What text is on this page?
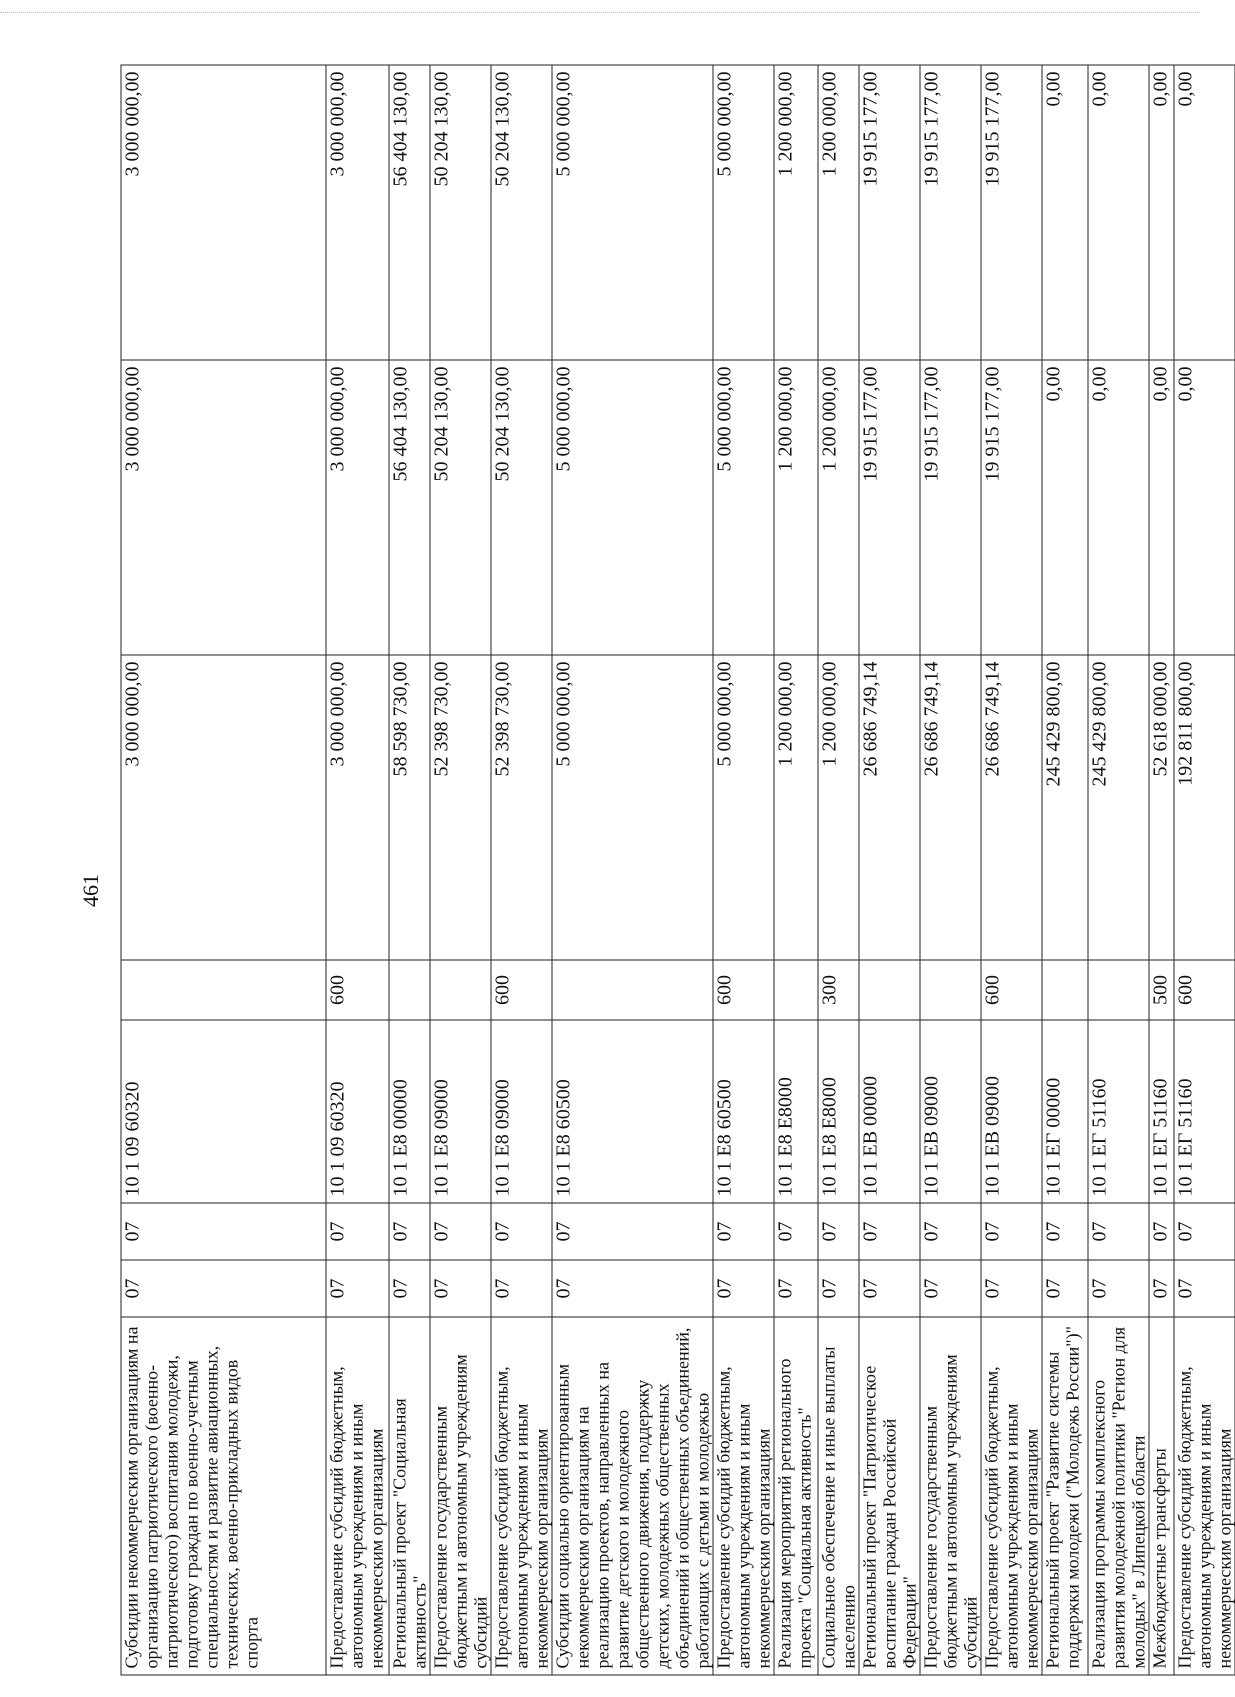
461
Субсидии некоммерческим организациям на организацию патриотического (военно-патриотического) воспитания молодежи, подготовку граждан по военно-учетным специальностям и развитие авиационных, технических, военно-прикладных видов спорта	07	07	10 1 09 60320		3 000 000,00	3 000 000,00	3 000 000,00
Предоставление субсидий бюджетным, автономным учреждениям и иным некоммерческим организациям	07	07	10 1 09 60320	600	3 000 000,00	3 000 000,00	3 000 000,00
Региональный проект "Социальная активность"	07	07	10 1 E8 00000		58 598 730,00	56 404 130,00	56 404 130,00
Предоставление государственным бюджетным и автономным учреждениям субсидий	07	07	10 1 E8 09000		52 398 730,00	50 204 130,00	50 204 130,00
Предоставление субсидий бюджетным, автономным учреждениям и иным некоммерческим организациям	07	07	10 1 E8 09000	600	52 398 730,00	50 204 130,00	50 204 130,00
Субсидии социально ориентированным некоммерческим организациям на реализацию проектов, направленных на развитие детского и молодежного общественного движения, поддержку детских, молодежных общественных объединений и общественных объединений, работающих с детьми и молодежью	07	07	10 1 E8 60500		5 000 000,00	5 000 000,00	5 000 000,00
Предоставление субсидий бюджетным, автономным учреждениям и иным некоммерческим организациям	07	07	10 1 E8 60500	600	5 000 000,00	5 000 000,00	5 000 000,00
Реализация мероприятий регионального проекта "Социальная активность"	07	07	10 1 E8 E8000		1 200 000,00	1 200 000,00	1 200 000,00
Социальное обеспечение и иные выплаты населению	07	07	10 1 E8 E8000	300	1 200 000,00	1 200 000,00	1 200 000,00
Региональный проект "Патриотическое воспитание граждан Российской Федерации"	07	07	10 1 EB 00000		26 686 749,14	19 915 177,00	19 915 177,00
Предоставление государственным бюджетным и автономным учреждениям субсидий	07	07	10 1 EB 09000		26 686 749,14	19 915 177,00	19 915 177,00
Предоставление субсидий бюджетным, автономным учреждениям и иным некоммерческим организациям	07	07	10 1 EB 09000	600	26 686 749,14	19 915 177,00	19 915 177,00
Региональный проект "Развитие системы поддержки молодежи ("Молодежь России")"	07	07	10 1 ЕГ 00000		245 429 800,00	0,00	0,00
Реализация программы комплексного развития молодежной политики "Регион для молодых" в Липецкой области	07	07	10 1 ЕГ 51160		245 429 800,00	0,00	0,00
Межбюджетные трансферты	07	07	10 1 ЕГ 51160	500	52 618 000,00	0,00	0,00
Предоставление субсидий бюджетным, автономным учреждениям и иным некоммерческим организациям	07	07	10 1 ЕГ 51160	600	192 811 800,00	0,00	0,00
